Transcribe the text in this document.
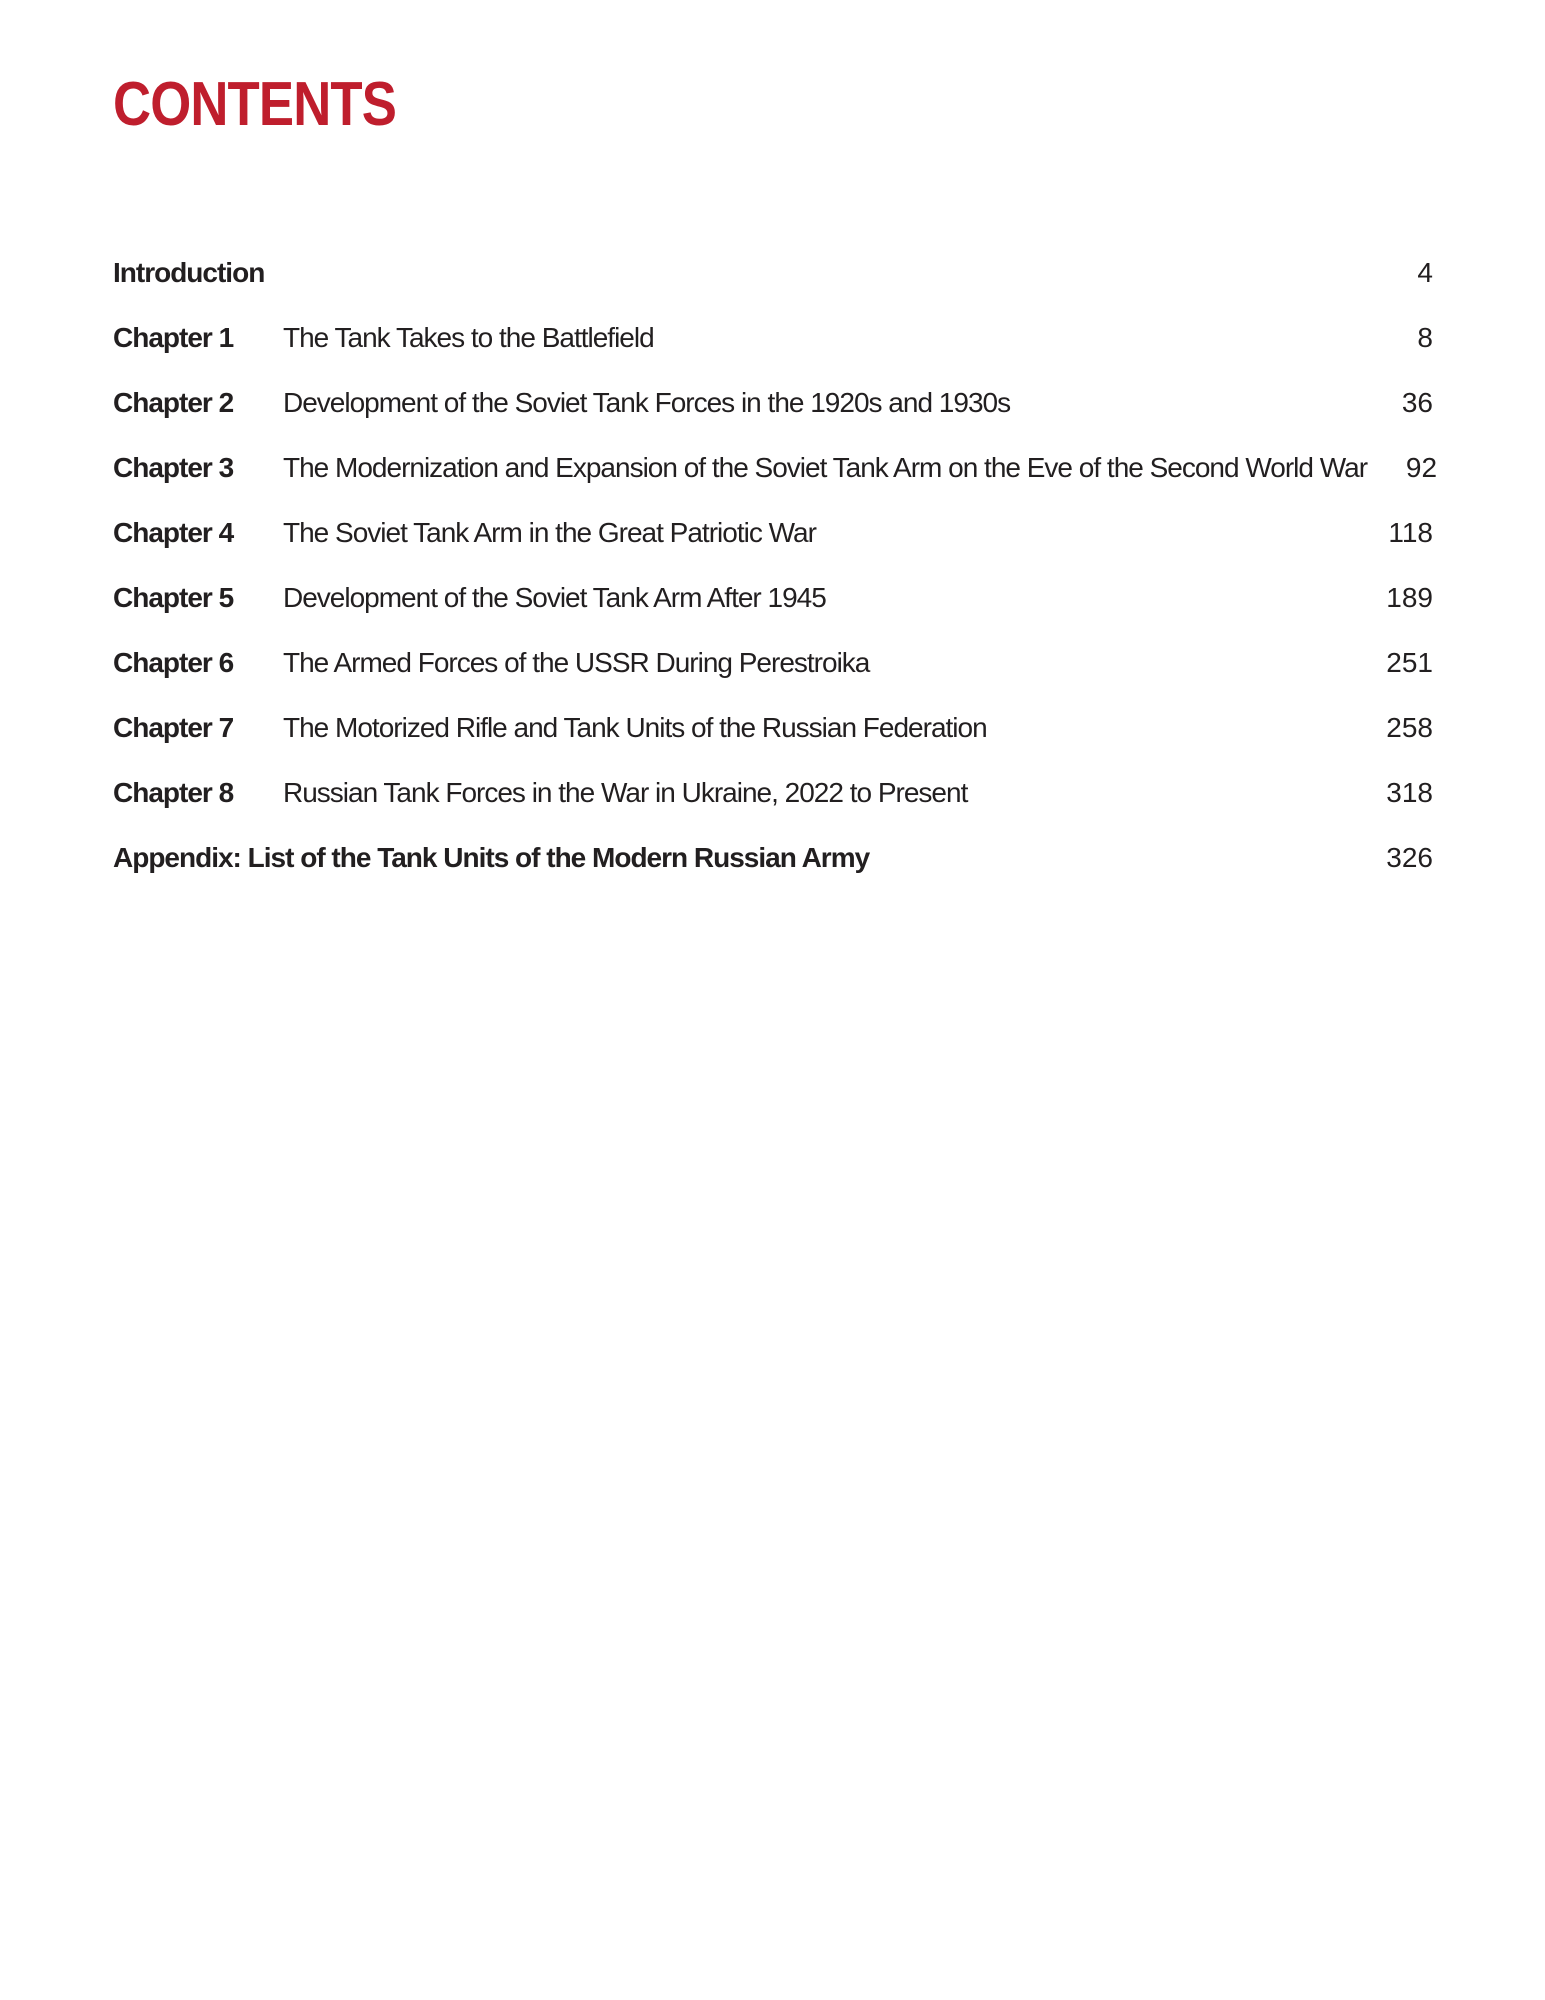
CONTENTS
Introduction	4
Chapter 1	The Tank Takes to the Battlefield	8
Chapter 2	Development of the Soviet Tank Forces in the 1920s and 1930s	36
Chapter 3	The Modernization and Expansion of the Soviet Tank Arm on the Eve of the Second World War	92
Chapter 4	The Soviet Tank Arm in the Great Patriotic War	118
Chapter 5	Development of the Soviet Tank Arm After 1945	189
Chapter 6	The Armed Forces of the USSR During Perestroika	251
Chapter 7	The Motorized Rifle and Tank Units of the Russian Federation	258
Chapter 8	Russian Tank Forces in the War in Ukraine, 2022 to Present	318
Appendix: List of the Tank Units of the Modern Russian Army	326
